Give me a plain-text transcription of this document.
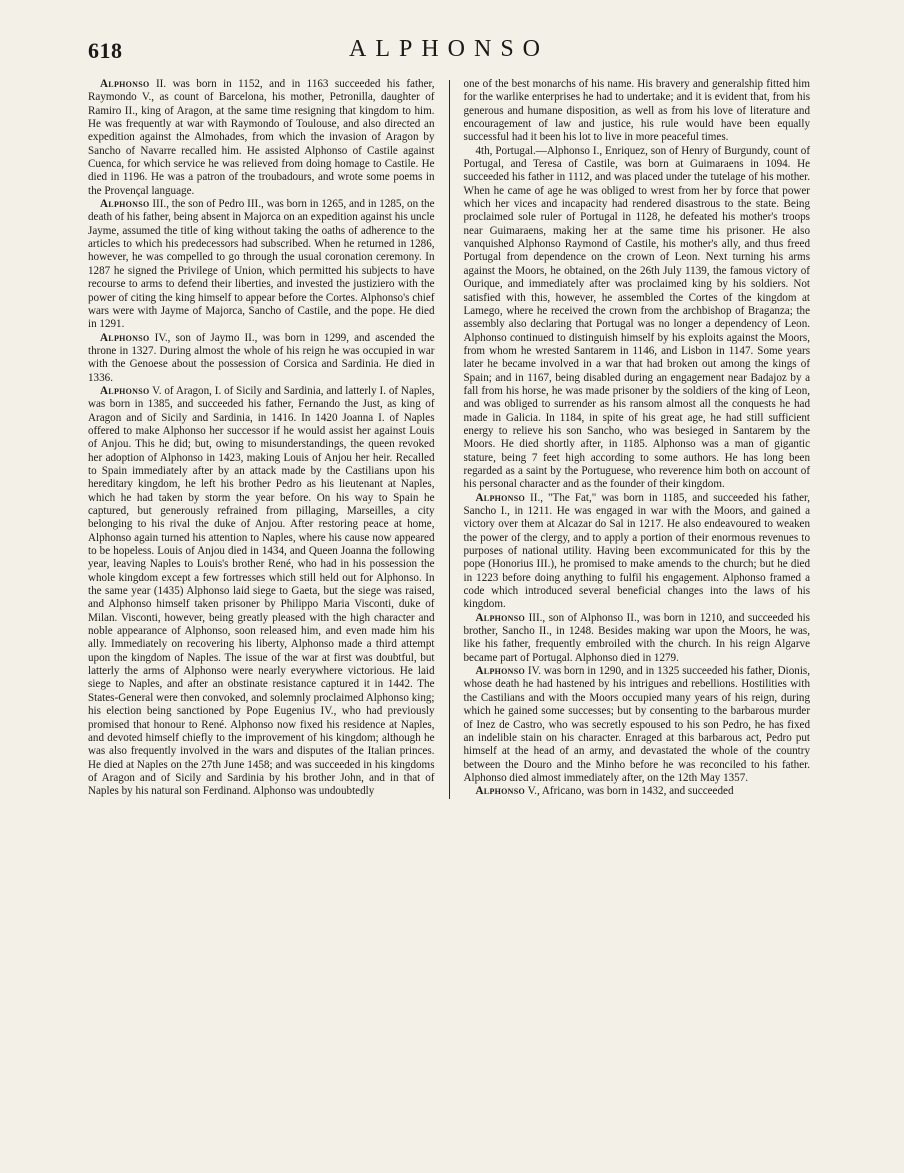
618	ALPHONSO

Alphonso II. was born in 1152, and in 1163 succeeded his father, Raymondo V., as count of Barcelona, his mother, Petronilla, daughter of Ramiro II., king of Aragon, at the same time resigning that kingdom to him. He was frequently at war with Raymondo of Toulouse, and also directed an expedition against the Almohades, from which the invasion of Aragon by Sancho of Navarre recalled him. He assisted Alphonso of Castile against Cuenca, for which service he was relieved from doing homage to Castile. He died in 1196. He was a patron of the troubadours, and wrote some poems in the Provençal language.

Alphonso III., the son of Pedro III., was born in 1265, and in 1285, on the death of his father, being absent in Majorca on an expedition against his uncle Jayme, assumed the title of king without taking the oaths of adherence to the articles to which his predecessors had subscribed. When he returned in 1286, however, he was compelled to go through the usual coronation ceremony. In 1287 he signed the Privilege of Union, which permitted his subjects to have recourse to arms to defend their liberties, and invested the justiziero with the power of citing the king himself to appear before the Cortes. Alphonso's chief wars were with Jayme of Majorca, Sancho of Castile, and the pope. He died in 1291.

Alphonso IV., son of Jaymo II., was born in 1299, and ascended the throne in 1327. During almost the whole of his reign he was occupied in war with the Genoese about the possession of Corsica and Sardinia. He died in 1336.

Alphonso V. of Aragon, I. of Sicily and Sardinia, and latterly I. of Naples, was born in 1385, and succeeded his father, Fernando the Just, as king of Aragon and of Sicily and Sardinia, in 1416. In 1420 Joanna I. of Naples offered to make Alphonso her successor if he would assist her against Louis of Anjou. This he did; but, owing to misunderstandings, the queen revoked her adoption of Alphonso in 1423, making Louis of Anjou her heir. Recalled to Spain immediately after by an attack made by the Castilians upon his hereditary kingdom, he left his brother Pedro as his lieutenant at Naples, which he had taken by storm the year before. On his way to Spain he captured, but generously refrained from pillaging, Marseilles, a city belonging to his rival the duke of Anjou. After restoring peace at home, Alphonso again turned his attention to Naples, where his cause now appeared to be hopeless. Louis of Anjou died in 1434, and Queen Joanna the following year, leaving Naples to Louis's brother René, who had in his possession the whole kingdom except a few fortresses which still held out for Alphonso. In the same year (1435) Alphonso laid siege to Gaeta, but the siege was raised, and Alphonso himself taken prisoner by Philippo Maria Visconti, duke of Milan. Visconti, however, being greatly pleased with the high character and noble appearance of Alphonso, soon released him, and even made him his ally. Immediately on recovering his liberty, Alphonso made a third attempt upon the kingdom of Naples. The issue of the war at first was doubtful, but latterly the arms of Alphonso were nearly everywhere victorious. He laid siege to Naples, and after an obstinate resistance captured it in 1442. The States-General were then convoked, and solemnly proclaimed Alphonso king; his election being sanctioned by Pope Eugenius IV., who had previously promised that honour to René. Alphonso now fixed his residence at Naples, and devoted himself chiefly to the improvement of his kingdom; although he was also frequently involved in the wars and disputes of the Italian princes. He died at Naples on the 27th June 1458; and was succeeded in his kingdoms of Aragon and of Sicily and Sardinia by his brother John, and in that of Naples by his natural son Ferdinand. Alphonso was undoubtedly

one of the best monarchs of his name. His bravery and generalship fitted him for the warlike enterprises he had to undertake; and it is evident that, from his generous and humane disposition, as well as from his love of literature and encouragement of law and justice, his rule would have been equally successful had it been his lot to live in more peaceful times.

4th, Portugal.—Alphonso I., Enriquez, son of Henry of Burgundy, count of Portugal, and Teresa of Castile, was born at Guimaraens in 1094. He succeeded his father in 1112, and was placed under the tutelage of his mother. When he came of age he was obliged to wrest from her by force that power which her vices and incapacity had rendered disastrous to the state. Being proclaimed sole ruler of Portugal in 1128, he defeated his mother's troops near Guimaraens, making her at the same time his prisoner. He also vanquished Alphonso Raymond of Castile, his mother's ally, and thus freed Portugal from dependence on the crown of Leon. Next turning his arms against the Moors, he obtained, on the 26th July 1139, the famous victory of Ourique, and immediately after was proclaimed king by his soldiers. Not satisfied with this, however, he assembled the Cortes of the kingdom at Lamego, where he received the crown from the archbishop of Braganza; the assembly also declaring that Portugal was no longer a dependency of Leon. Alphonso continued to distinguish himself by his exploits against the Moors, from whom he wrested Santarem in 1146, and Lisbon in 1147. Some years later he became involved in a war that had broken out among the kings of Spain; and in 1167, being disabled during an engagement near Badajoz by a fall from his horse, he was made prisoner by the soldiers of the king of Leon, and was obliged to surrender as his ransom almost all the conquests he had made in Galicia. In 1184, in spite of his great age, he had still sufficient energy to relieve his son Sancho, who was besieged in Santarem by the Moors. He died shortly after, in 1185. Alphonso was a man of gigantic stature, being 7 feet high according to some authors. He has long been regarded as a saint by the Portuguese, who reverence him both on account of his personal character and as the founder of their kingdom.

Alphonso II., "The Fat," was born in 1185, and succeeded his father, Sancho I., in 1211. He was engaged in war with the Moors, and gained a victory over them at Alcazar do Sal in 1217. He also endeavoured to weaken the power of the clergy, and to apply a portion of their enormous revenues to purposes of national utility. Having been excommunicated for this by the pope (Honorius III.), he promised to make amends to the church; but he died in 1223 before doing anything to fulfil his engagement. Alphonso framed a code which introduced several beneficial changes into the laws of his kingdom.

Alphonso III., son of Alphonso II., was born in 1210, and succeeded his brother, Sancho II., in 1248. Besides making war upon the Moors, he was, like his father, frequently embroiled with the church. In his reign Algarve became part of Portugal. Alphonso died in 1279.

Alphonso IV. was born in 1290, and in 1325 succeeded his father, Dionis, whose death he had hastened by his intrigues and rebellions. Hostilities with the Castilians and with the Moors occupied many years of his reign, during which he gained some successes; but by consenting to the barbarous murder of Inez de Castro, who was secretly espoused to his son Pedro, he has fixed an indelible stain on his character. Enraged at this barbarous act, Pedro put himself at the head of an army, and devastated the whole of the country between the Douro and the Minho before he was reconciled to his father. Alphonso died almost immediately after, on the 12th May 1357.

Alphonso V., Africano, was born in 1432, and succeeded
